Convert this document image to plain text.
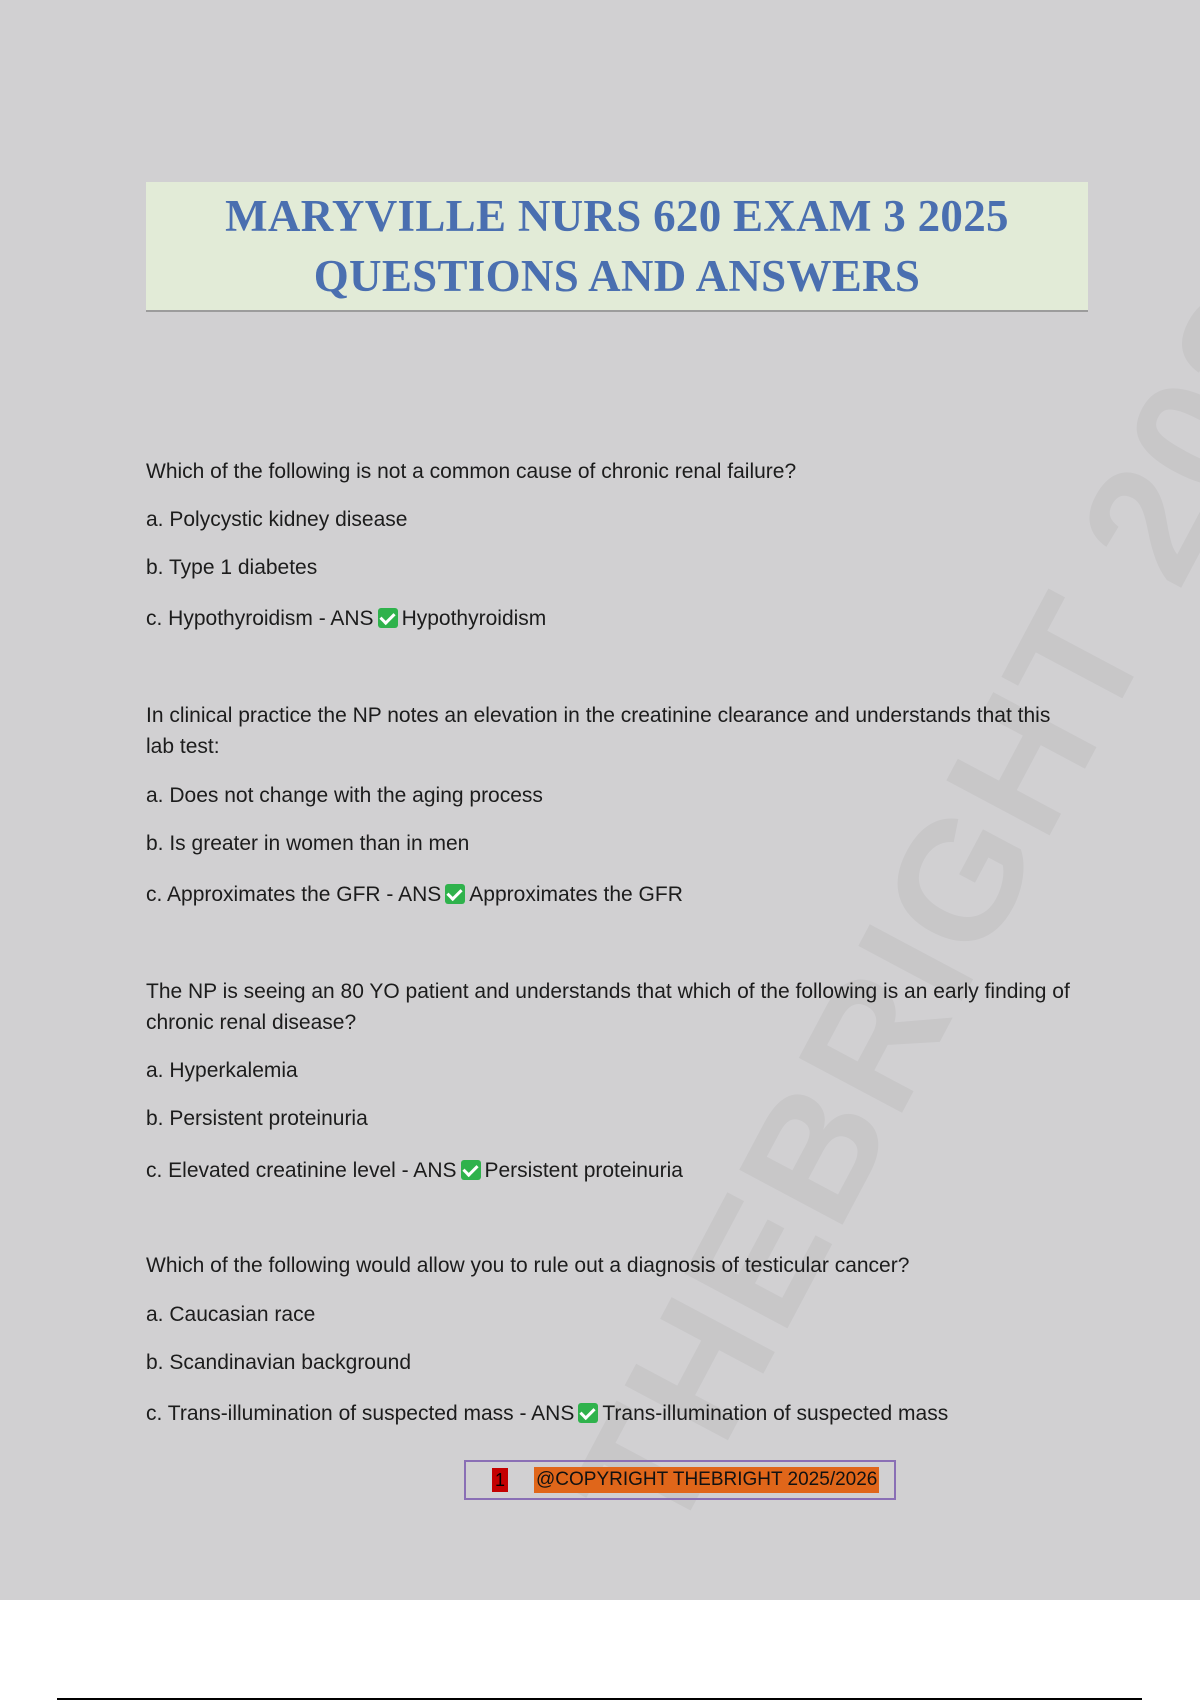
MARYVILLE NURS 620 EXAM 3 2025
QUESTIONS AND ANSWERS
Which of the following is not a common cause of chronic renal failure?
a. Polycystic kidney disease
b. Type 1 diabetes
c. Hypothyroidism - ANS Hypothyroidism
In clinical practice the NP notes an elevation in the creatinine clearance and understands that this lab test:
a. Does not change with the aging process
b. Is greater in women than in men
c. Approximates the GFR - ANS Approximates the GFR
The NP is seeing an 80 YO patient and understands that which of the following is an early finding of chronic renal disease?
a. Hyperkalemia
b. Persistent proteinuria
c. Elevated creatinine level - ANS Persistent proteinuria
Which of the following would allow you to rule out a diagnosis of testicular cancer?
a. Caucasian race
b. Scandinavian background
c. Trans-illumination of suspected mass - ANS Trans-illumination of suspected mass
1 @COPYRIGHT THEBRIGHT 2025/2026
